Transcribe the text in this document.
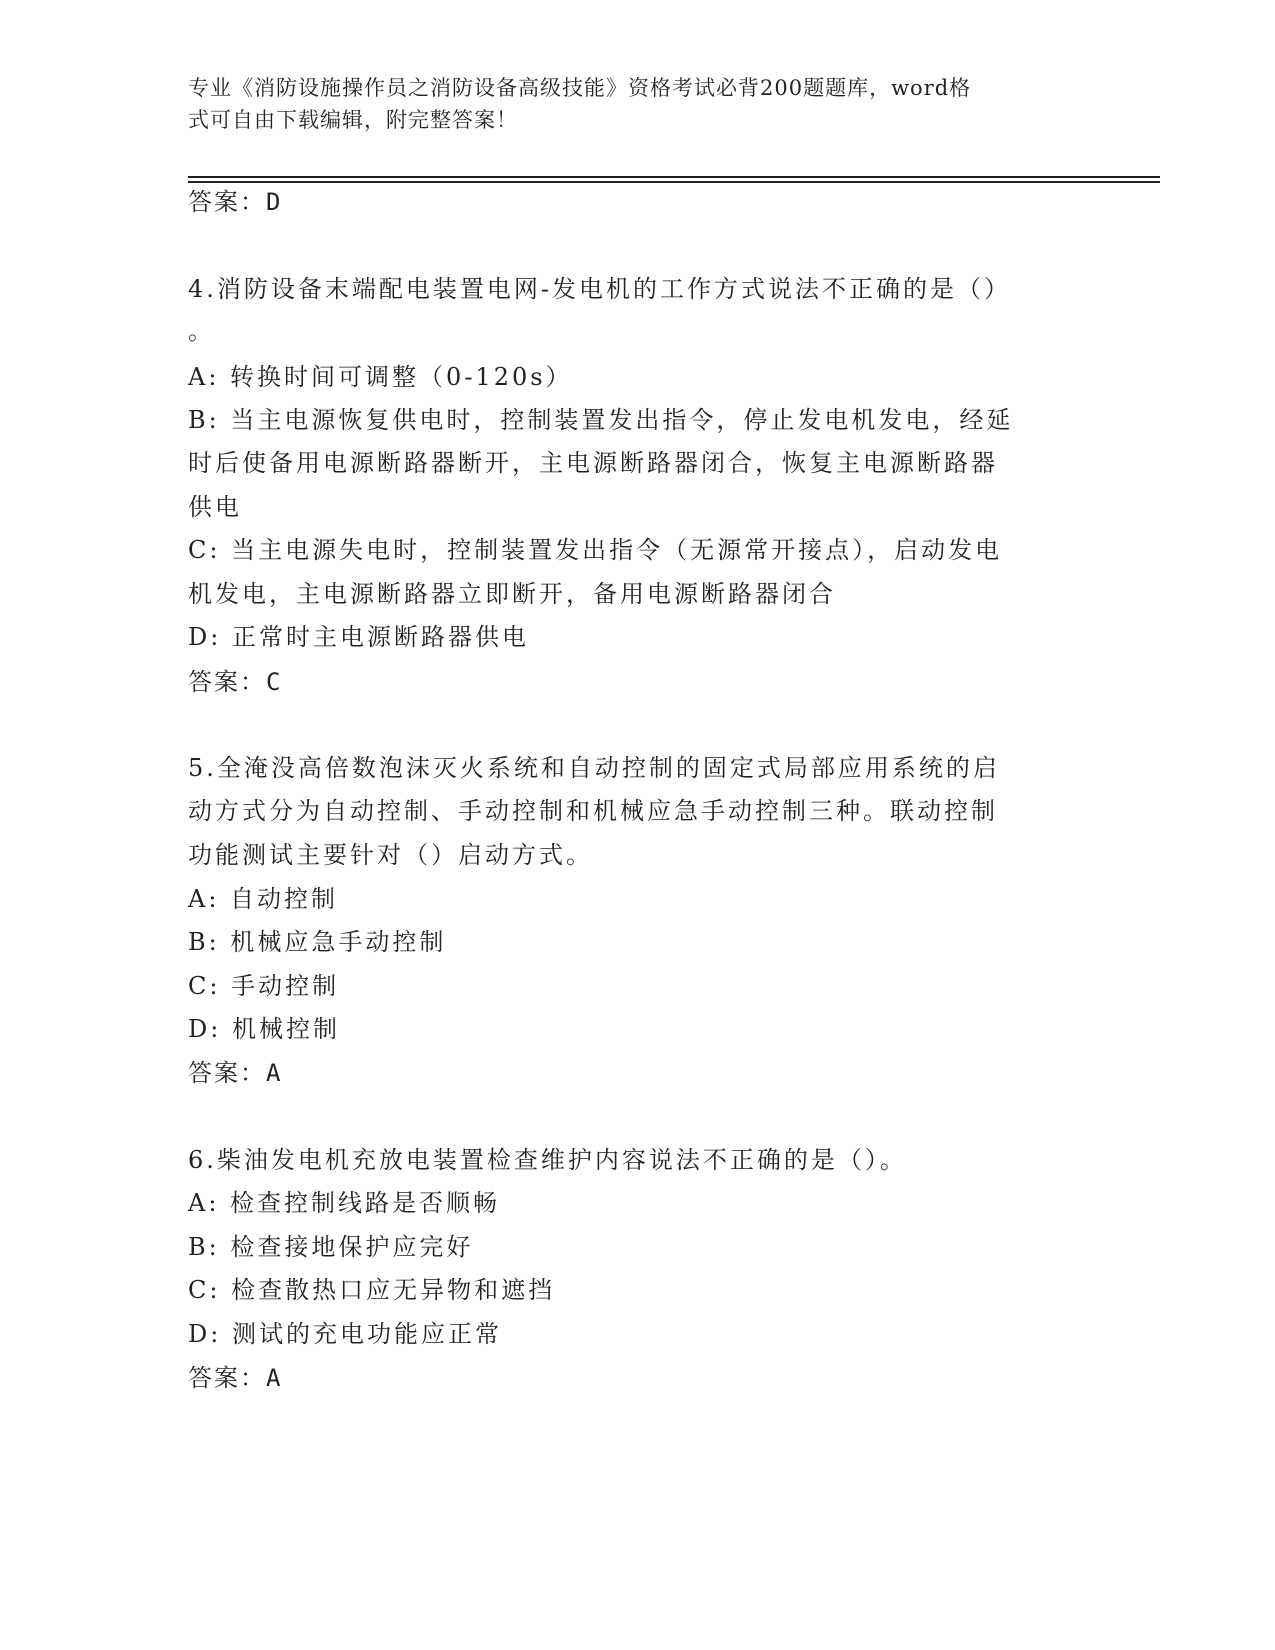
专业《消防设施操作员之消防设备高级技能》资格考试必背200题题库，word格
式可自由下载编辑，附完整答案！
答案：D
4.消防设备末端配电装置电网-发电机的工作方式说法不正确的是（）
。
A: 转换时间可调整（0-120s）
B: 当主电源恢复供电时，控制装置发出指令，停止发电机发电，经延
时后使备用电源断路器断开，主电源断路器闭合，恢复主电源断路器
供电
C: 当主电源失电时，控制装置发出指令（无源常开接点），启动发电
机发电，主电源断路器立即断开，备用电源断路器闭合
D: 正常时主电源断路器供电
答案：C
5.全淹没高倍数泡沫灭火系统和自动控制的固定式局部应用系统的启
动方式分为自动控制、手动控制和机械应急手动控制三种。联动控制
功能测试主要针对（）启动方式。
A: 自动控制
B: 机械应急手动控制
C: 手动控制
D: 机械控制
答案：A
6.柴油发电机充放电装置检查维护内容说法不正确的是（）。
A: 检查控制线路是否顺畅
B: 检查接地保护应完好
C: 检查散热口应无异物和遮挡
D: 测试的充电功能应正常
答案：A
